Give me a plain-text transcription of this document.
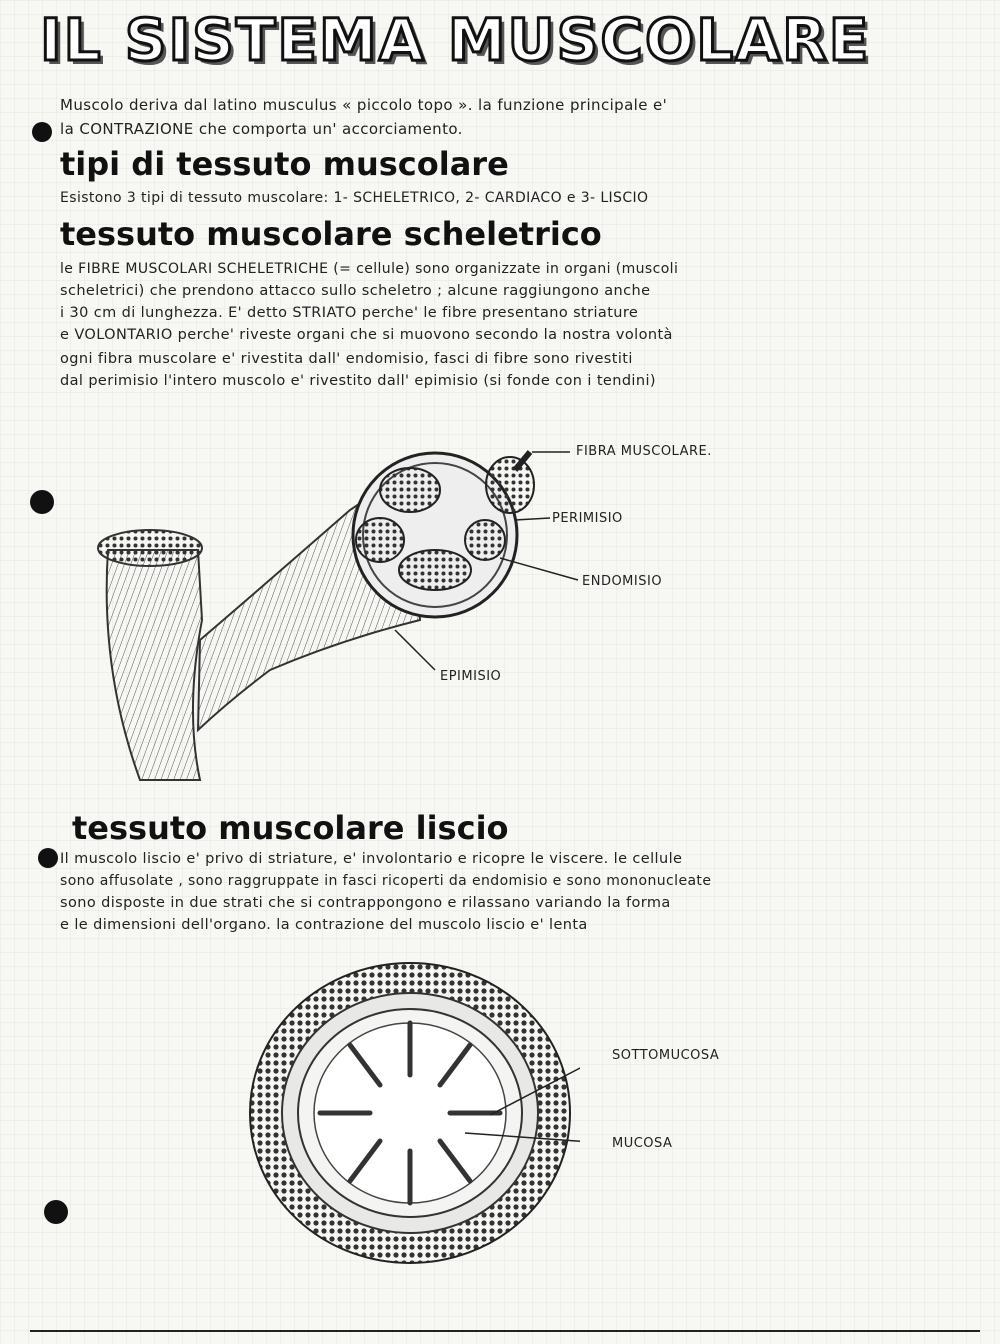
IL SISTEMA MUSCOLARE
Muscolo deriva dal latino musculus « piccolo topo ». la funzione principale e'
la CONTRAZIONE che comporta un' accorciamento.
tipi di tessuto muscolare
Esistono 3 tipi di tessuto muscolare: 1- SCHELETRICO, 2- CARDIACO e 3- LISCIO
tessuto muscolare scheletrico
le FIBRE MUSCOLARI SCHELETRICHE (= cellule) sono organizzate in organi (muscoli
scheletrici) che prendono attacco sullo scheletro ; alcune raggiungono anche
i 30 cm di lunghezza. E' detto STRIATO perche' le fibre presentano striature
e VOLONTARIO perche' riveste organi che si muovono secondo la nostra volontà
ogni fibra muscolare e' rivestita dall' endomisio, fasci di fibre sono rivestiti
dal perimisio l'intero muscolo e' rivestito dall' epimisio (si fonde con i tendini)
FIBRA MUSCOLARE.
PERIMISIO
ENDOMISIO
EPIMISIO
tessuto muscolare liscio
Il muscolo liscio e' privo di striature, e' involontario e ricopre le viscere. le cellule
sono affusolate , sono raggruppate in fasci ricoperti da endomisio e sono mononucleate
sono disposte in due strati che si contrappongono e rilassano variando la forma
e le dimensioni dell'organo. la contrazione del muscolo liscio e' lenta
SOTTOMUCOSA
MUCOSA
